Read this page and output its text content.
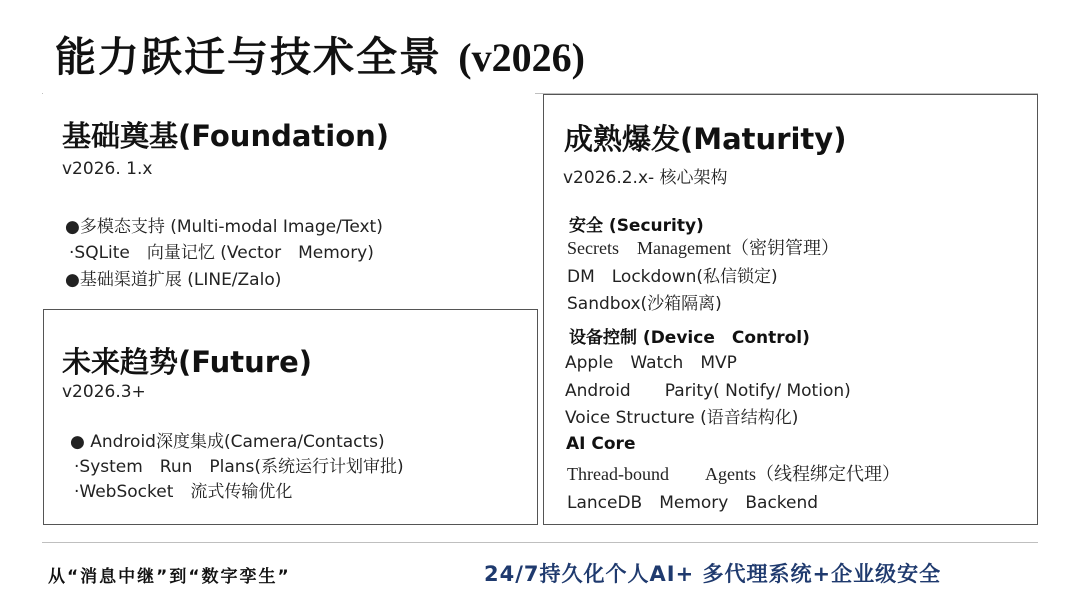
能力跃迁与技术全景 (v2026)
基础奠基(Foundation)
v2026. 1.x
●多模态支持 (Multi-modal Image/Text)
·SQLite　向量记忆 (Vector　Memory)
●基础渠道扩展 (LINE/Zalo)
成熟爆发(Maturity)
v2026.2.x- 核心架构
安全 (Security)
Secrets　Management（密钥管理）
DM　Lockdown(私信锁定)
Sandbox(沙箱隔离)
设备控制 (Device　Control)
Apple　Watch　MVP
Android　　Parity( Notify/ Motion)
Voice Structure (语音结构化)
AI Core
Thread-bound　　Agents（线程绑定代理）
LanceDB　Memory　Backend
未来趋势(Future)
v2026.3+
● Android深度集成(Camera/Contacts)
·System　Run　Plans(系统运行计划审批)
·WebSocket　流式传输优化
从“消息中继”到“数字孪生”	24/7持久化个人AI+ 多代理系统+企业级安全
